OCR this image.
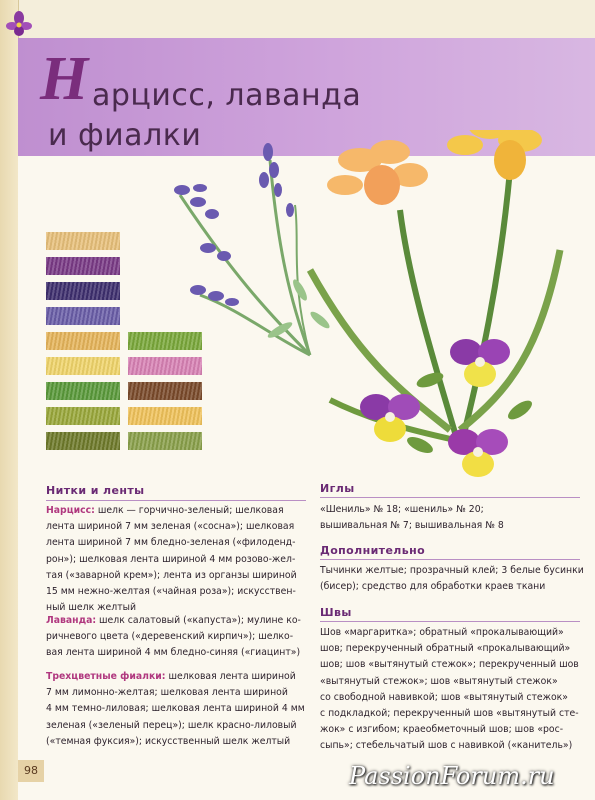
Н арцисс, лаванда
и фиалки
Нитки и ленты

Нарцисс: шелк — горчично-зеленый; шелковая
лента шириной 7 мм зеленая («сосна»); шелковая
лента шириной 7 мм бледно-зеленая («филоденд-
рон»); шелковая лента шириной 4 мм розово-жел-
тая («заварной крем»); лента из органзы шириной
15 мм нежно-желтая («чайная роза»); искусствен-
ный шелк желтый

Лаванда: шелк салатовый («капуста»); мулине ко-
ричневого цвета («деревенский кирпич»); шелко-
вая лента шириной 4 мм бледно-синяя («гиацинт»)

Трехцветные фиалки: шелковая лента шириной
7 мм лимонно-желтая; шелковая лента шириной
4 мм темно-лиловая; шелковая лента шириной 4 мм
зеленая («зеленый перец»); шелк красно-лиловый
(«темная фуксия»); искусственный шелк желтый

Иглы

«Шениль» № 18; «шениль» № 20;
вышивальная № 7; вышивальная № 8

Дополнительно

Тычинки желтые; прозрачный клей; 3 белые бусинки
(бисер); средство для обработки краев ткани

Швы

Шов «маргаритка»; обратный «прокалывающий»
шов; перекрученный обратный «прокалывающий»
шов; шов «вытянутый стежок»; перекрученный шов
«вытянутый стежок»; шов «вытянутый стежок»
со свободной навивкой; шов «вытянутый стежок»
с подкладкой; перекрученный шов «вытянутый сте-
жок» с изгибом; краеобметочный шов; шов «рос-
сыпь»; стебельчатый шов с навивкой («канитель»)

98	PassionForum.ru
